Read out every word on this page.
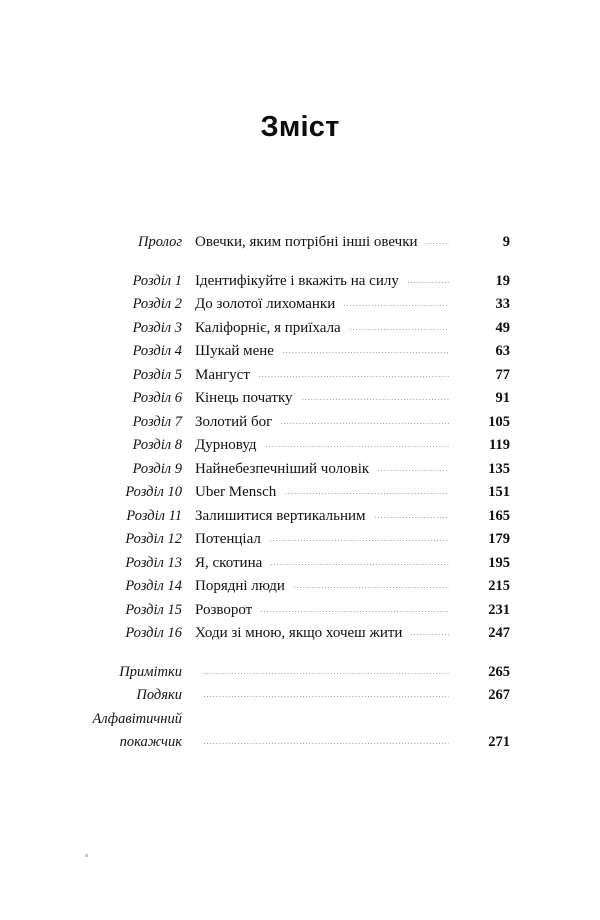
Зміст
Пролог Овечки, яким потрібні інші овечки	9
Розділ 1 Ідентифікуйте і вкажіть на силу	19
Розділ 2 До золотої лихоманки	33
Розділ 3 Каліфорніє, я приїхала	49
Розділ 4 Шукай мене	63
Розділ 5 Мангуст	77
Розділ 6 Кінець початку	91
Розділ 7 Золотий бог	105
Розділ 8 Дурновуд	119
Розділ 9 Найнебезпечніший чоловік	135
Розділ 10 Uber Mensch	151
Розділ 11 Залишитися вертикальним	165
Розділ 12 Потенціал	179
Розділ 13 Я, скотина	195
Розділ 14 Порядні люди	215
Розділ 15 Розворот	231
Розділ 16 Ходи зі мною, якщо хочеш жити	247
Примітки	265
Подяки	267
Алфавітичний
покажчик	271
